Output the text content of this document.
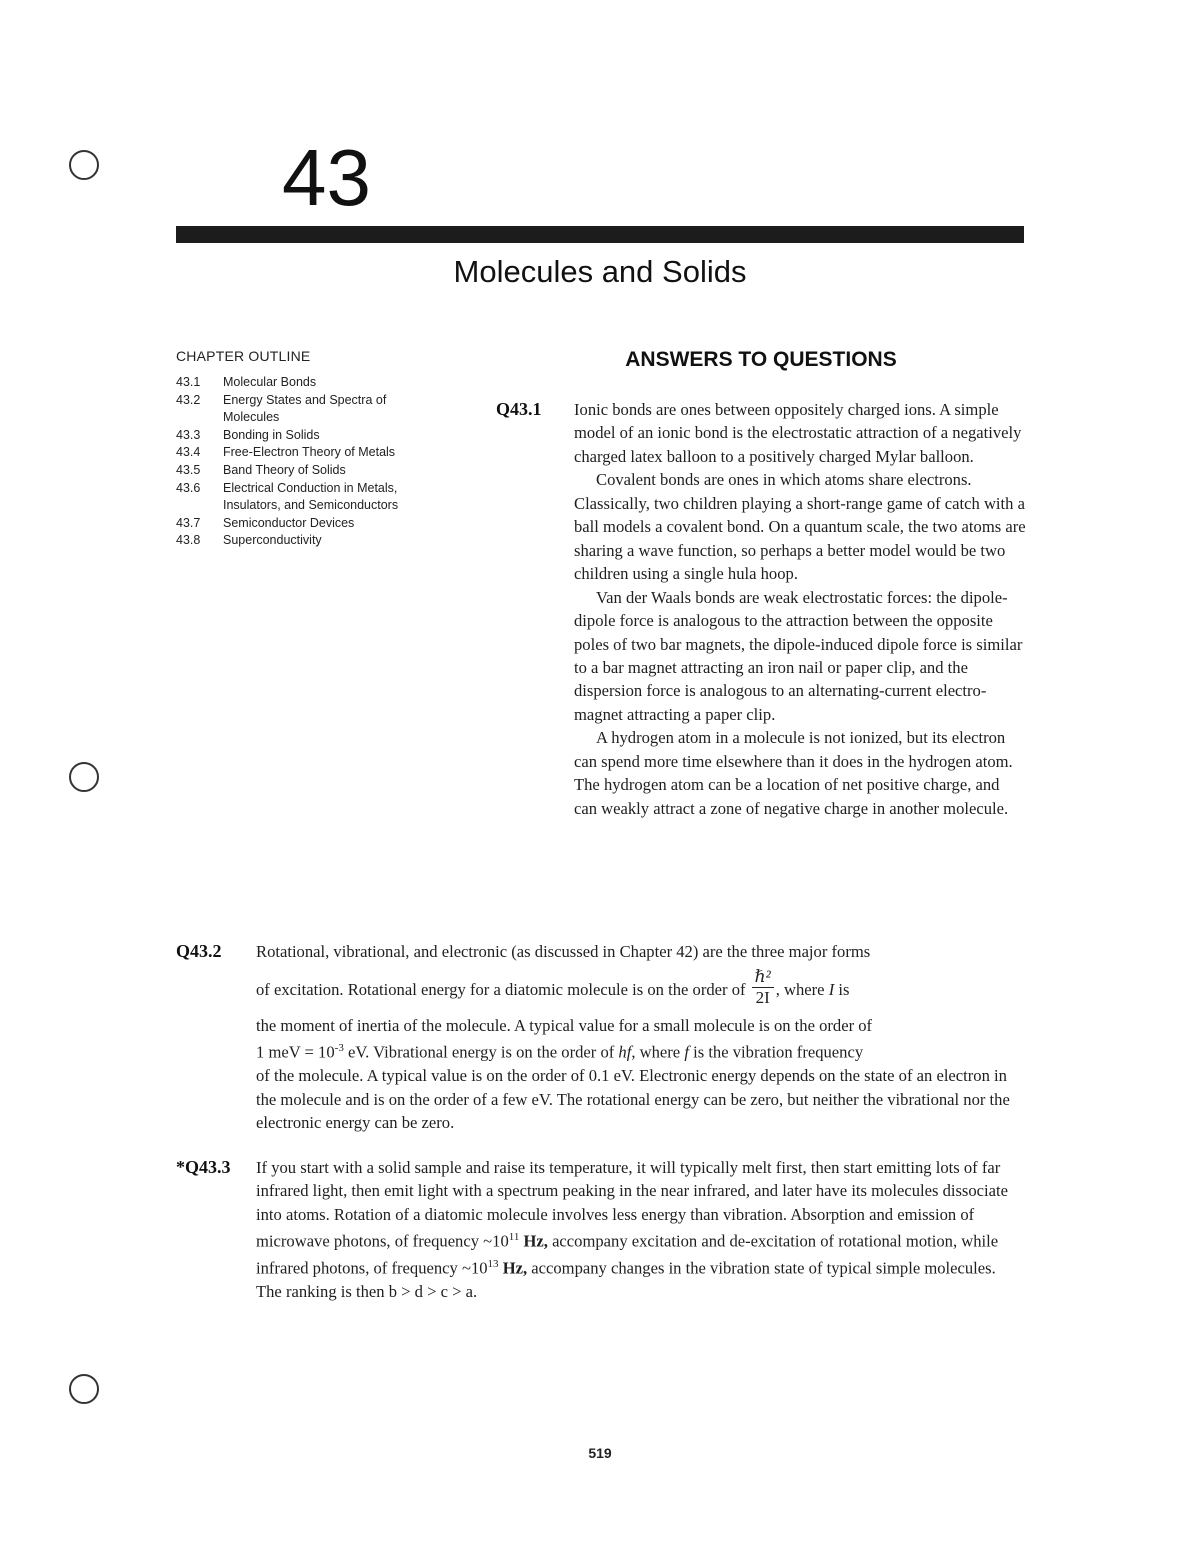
43
Molecules and Solids
CHAPTER OUTLINE
43.1	Molecular Bonds
43.2	Energy States and Spectra of Molecules
43.3	Bonding in Solids
43.4	Free-Electron Theory of Metals
43.5	Band Theory of Solids
43.6	Electrical Conduction in Metals, Insulators, and Semiconductors
43.7	Semiconductor Devices
43.8	Superconductivity
ANSWERS TO QUESTIONS
Q43.1 Ionic bonds are ones between oppositely charged ions. A simple model of an ionic bond is the electrostatic attraction of a negatively charged latex balloon to a positively charged Mylar balloon.

Covalent bonds are ones in which atoms share electrons. Classically, two children playing a short-range game of catch with a ball models a covalent bond. On a quantum scale, the two atoms are sharing a wave function, so perhaps a better model would be two children using a single hula hoop.

Van der Waals bonds are weak electrostatic forces: the dipole-dipole force is analogous to the attraction between the opposite poles of two bar magnets, the dipole-induced dipole force is similar to a bar magnet attracting an iron nail or paper clip, and the dispersion force is analogous to an alternating-current electro-magnet attracting a paper clip.

A hydrogen atom in a molecule is not ionized, but its electron can spend more time elsewhere than it does in the hydrogen atom. The hydrogen atom can be a location of net positive charge, and can weakly attract a zone of negative charge in another molecule.

Q43.2 Rotational, vibrational, and electronic (as discussed in Chapter 42) are the three major forms
of excitation. Rotational energy for a diatomic molecule is on the order of $\frac{\text{ℏ²}}{2I}$ , where I is
the moment of inertia of the molecule. A typical value for a small molecule is on the order of
1 meV = $10^{-3}$ eV. Vibrational energy is on the order of hf, where f is the vibration frequency
of the molecule. A typical value is on the order of 0.1 eV. Electronic energy depends on the state of an electron in the molecule and is on the order of a few eV. The rotational energy can be zero, but neither the vibrational nor the electronic energy can be zero.
*Q43.3 If you start with a solid sample and raise its temperature, it will typically melt first, then start emitting lots of far infrared light, then emit light with a spectrum peaking in the near infrared, and later have its molecules dissociate into atoms. Rotation of a diatomic molecule involves less energy than vibration. Absorption and emission of microwave photons, of frequency $\sim 10^{11}$ Hz, accompany excitation and de-excitation of rotational motion, while infrared photons, of frequency $\sim 10^{13}$ Hz, accompany changes in the vibration state of typical simple molecules.
The ranking is then b > d > c > a.
519
